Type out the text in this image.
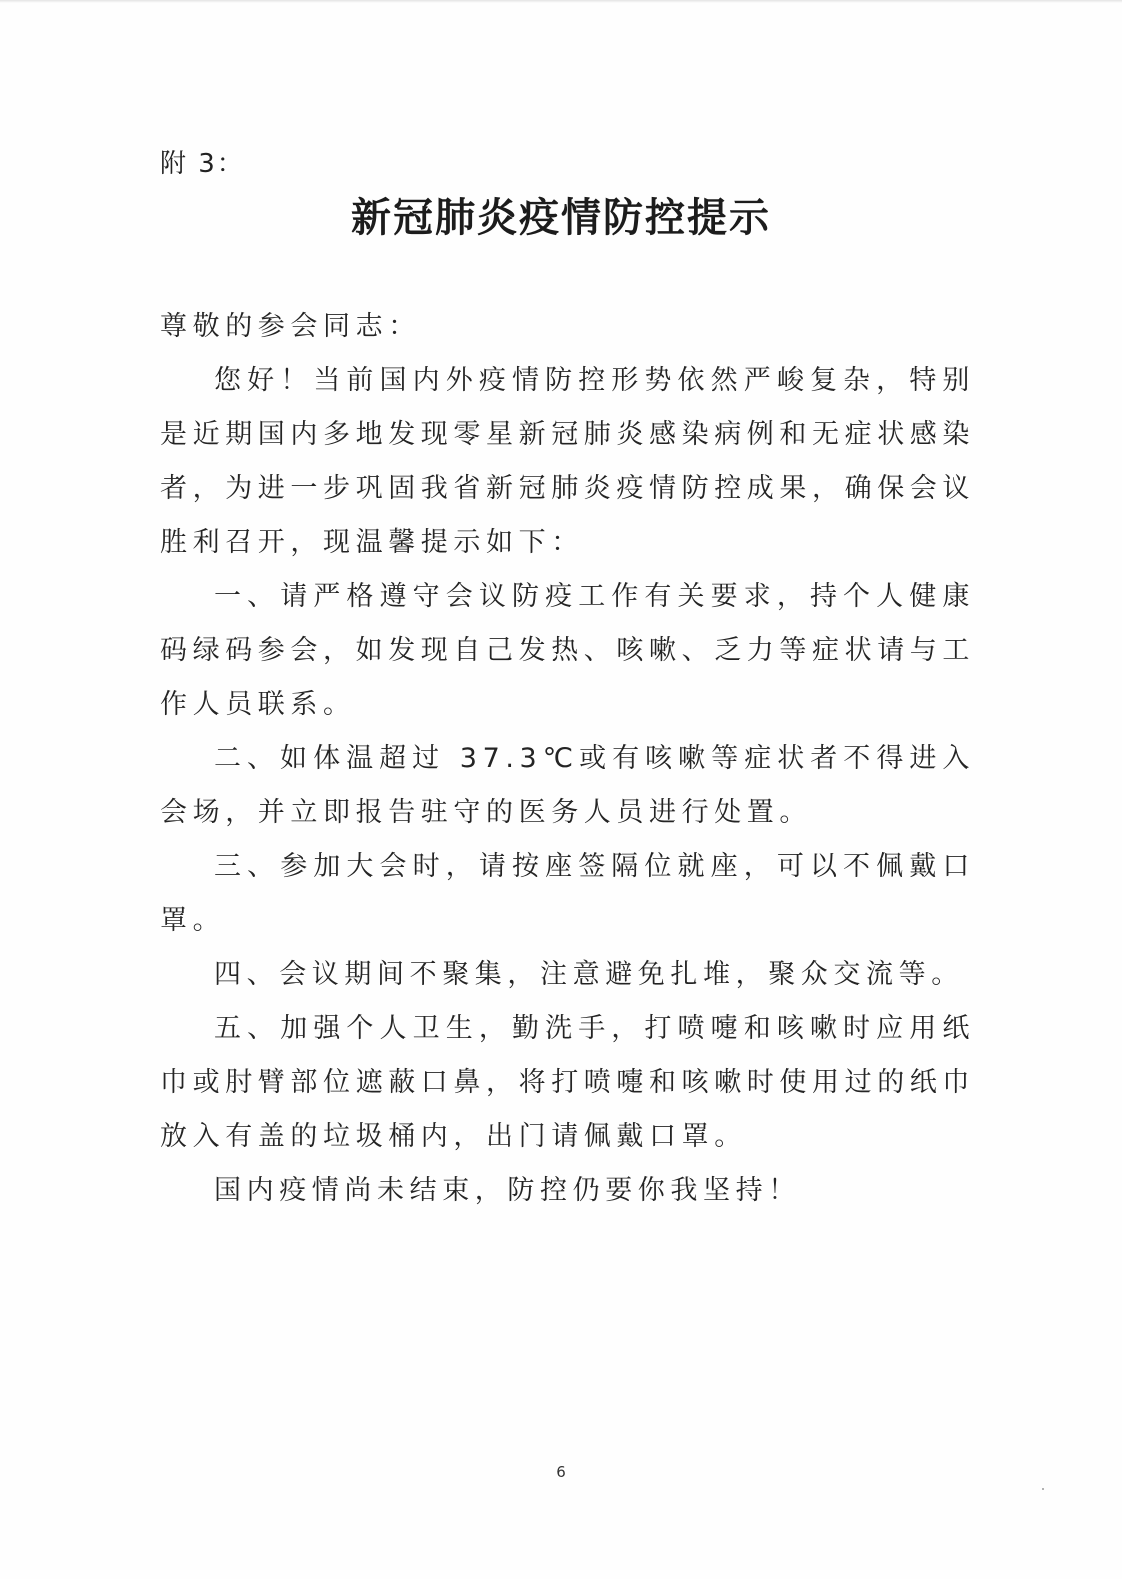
附 3：
新冠肺炎疫情防控提示

尊敬的参会同志：

您好！当前国内外疫情防控形势依然严峻复杂，特别是近期国内多地发现零星新冠肺炎感染病例和无症状感染者，为进一步巩固我省新冠肺炎疫情防控成果，确保会议胜利召开，现温馨提示如下：

一、请严格遵守会议防疫工作有关要求，持个人健康码绿码参会，如发现自己发热、咳嗽、乏力等症状请与工作人员联系。

二、如体温超过 37.3℃或有咳嗽等症状者不得进入会场，并立即报告驻守的医务人员进行处置。

三、参加大会时，请按座签隔位就座，可以不佩戴口罩。

四、会议期间不聚集，注意避免扎堆，聚众交流等。

五、加强个人卫生，勤洗手，打喷嚏和咳嗽时应用纸巾或肘臂部位遮蔽口鼻，将打喷嚏和咳嗽时使用过的纸巾放入有盖的垃圾桶内，出门请佩戴口罩。

国内疫情尚未结束，防控仍要你我坚持！

6
